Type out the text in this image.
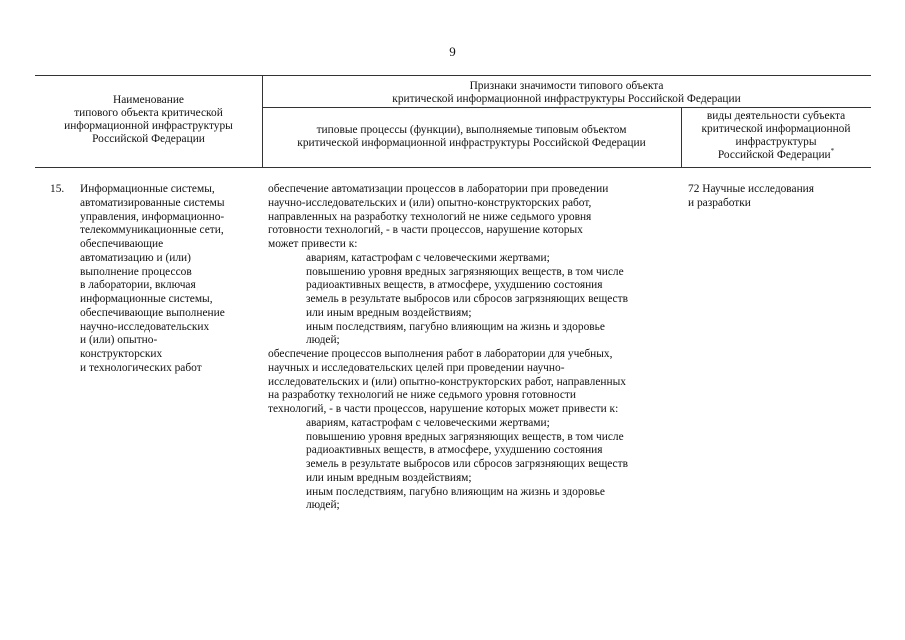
9
Наименование
типового объекта критической
информационной инфраструктуры
Российской Федерации
Признаки значимости типового объекта
критической информационной инфраструктуры Российской Федерации
типовые процессы (функции), выполняемые типовым объектом
критической информационной инфраструктуры Российской Федерации
виды деятельности субъекта
критической информационной
инфраструктуры
Российской Федерации*
15. Информационные системы,
автоматизированные системы
управления, информационно-
телекоммуникационные сети,
обеспечивающие
автоматизацию и (или)
выполнение процессов
в лаборатории, включая
информационные системы,
обеспечивающие выполнение
научно-исследовательских
и (или) опытно-
конструкторских
и технологических работ
обеспечение автоматизации процессов в лаборатории при проведении
научно-исследовательских и (или) опытно-конструкторских работ,
направленных на разработку технологий не ниже седьмого уровня
готовности технологий, - в части процессов, нарушение которых
может привести к:
авариям, катастрофам с человеческими жертвами;
повышению уровня вредных загрязняющих веществ, в том числе
радиоактивных веществ, в атмосфере, ухудшению состояния
земель в результате выбросов или сбросов загрязняющих веществ
или иным вредным воздействиям;
иным последствиям, пагубно влияющим на жизнь и здоровье
людей;
обеспечение процессов выполнения работ в лаборатории для учебных,
научных и исследовательских целей при проведении научно-
исследовательских и (или) опытно-конструкторских работ, направленных
на разработку технологий не ниже седьмого уровня готовности
технологий, - в части процессов, нарушение которых может привести к:
авариям, катастрофам с человеческими жертвами;
повышению уровня вредных загрязняющих веществ, в том числе
радиоактивных веществ, в атмосфере, ухудшению состояния
земель в результате выбросов или сбросов загрязняющих веществ
или иным вредным воздействиям;
иным последствиям, пагубно влияющим на жизнь и здоровье
людей;
72 Научные исследования
и разработки
